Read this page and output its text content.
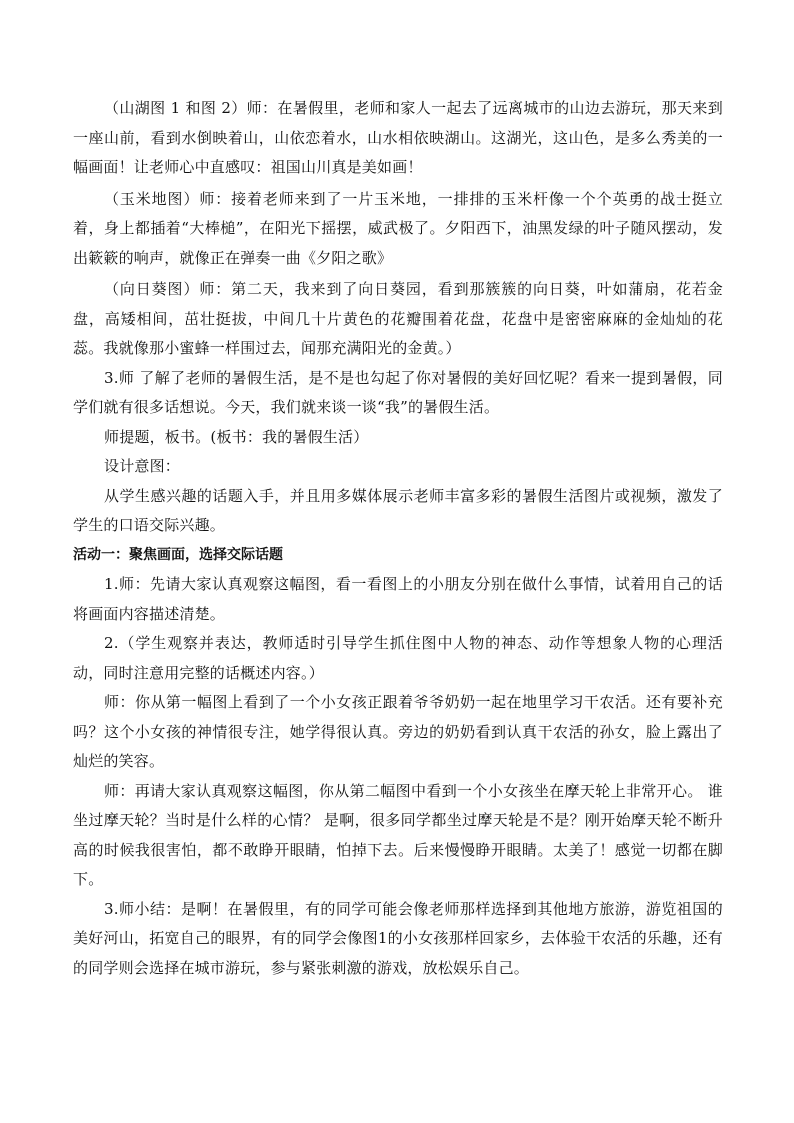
（山湖图 1 和图 2）师：在暑假里，老师和家人一起去了远离城市的山边去游玩，那天来到一座山前，看到水倒映着山，山依恋着水，山水相依映湖山。这湖光，这山色，是多么秀美的一幅画面！让老师心中直感叹：祖国山川真是美如画！

（玉米地图）师：接着老师来到了一片玉米地，一排排的玉米杆像一个个英勇的战士挺立着，身上都插着“大棒槌”，在阳光下摇摆，威武极了。夕阳西下，油黑发绿的叶子随风摆动，发出簌簌的响声，就像正在弹奏一曲《夕阳之歌》

（向日葵图）师：第二天，我来到了向日葵园，看到那簇簇的向日葵，叶如蒲扇，花若金盘，高矮相间，茁壮挺拔，中间几十片黄色的花瓣围着花盘，花盘中是密密麻麻的金灿灿的花蕊。我就像那小蜜蜂一样围过去，闻那充满阳光的金黄。）

3.师 了解了老师的暑假生活，是不是也勾起了你对暑假的美好回忆呢？看来一提到暑假，同学们就有很多话想说。今天，我们就来谈一谈“我”的暑假生活。

师提题，板书。(板书：我的暑假生活）

设计意图：

从学生感兴趣的话题入手，并且用多媒体展示老师丰富多彩的暑假生活图片或视频，激发了学生的口语交际兴趣。

活动一：聚焦画面，选择交际话题

1.师：先请大家认真观察这幅图，看一看图上的小朋友分别在做什么事情，试着用自己的话将画面内容描述清楚。

2.（学生观察并表达，教师适时引导学生抓住图中人物的神态、动作等想象人物的心理活动，同时注意用完整的话概述内容。）

师：你从第一幅图上看到了一个小女孩正跟着爷爷奶奶一起在地里学习干农活。还有要补充吗？这个小女孩的神情很专注，她学得很认真。旁边的奶奶看到认真干农活的孙女，脸上露出了灿烂的笑容。

师：再请大家认真观察这幅图，你从第二幅图中看到一个小女孩坐在摩天轮上非常开心。 谁坐过摩天轮？当时是什么样的心情？ 是啊，很多同学都坐过摩天轮是不是？刚开始摩天轮不断升高的时候我很害怕，都不敢睁开眼睛，怕掉下去。后来慢慢睁开眼睛。太美了！感觉一切都在脚下。

3.师小结：是啊！在暑假里，有的同学可能会像老师那样选择到其他地方旅游，游览祖国的美好河山，拓宽自己的眼界，有的同学会像图1的小女孩那样回家乡，去体验干农活的乐趣，还有的同学则会选择在城市游玩，参与紧张刺激的游戏，放松娱乐自己。
